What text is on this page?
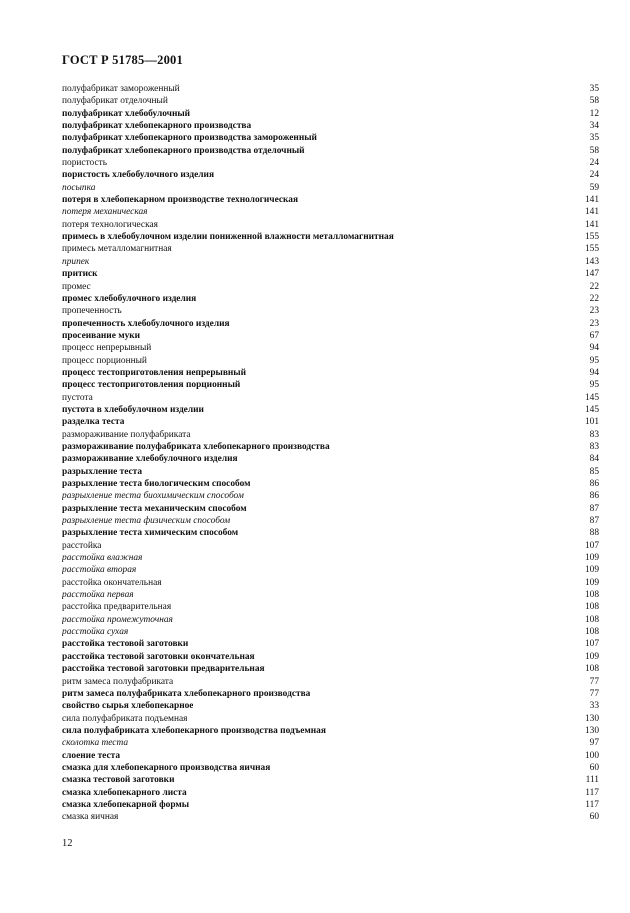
ГОСТ Р 51785—2001
полуфабрикат замороженный	35
полуфабрикат отделочный	58
полуфабрикат хлебобулочный	12
полуфабрикат хлебопекарного производства	34
полуфабрикат хлебопекарного производства замороженный	35
полуфабрикат хлебопекарного производства отделочный	58
пористость	24
пористость хлебобулочного изделия	24
посыпка	59
потеря в хлебопекарном производстве технологическая	141
потеря механическая	141
потеря технологическая	141
примесь в хлебобулочном изделии пониженной влажности металломагнитная	155
примесь металломагнитная	155
припек	143
притиск	147
промес	22
промес хлебобулочного изделия	22
пропеченность	23
пропеченность хлебобулочного изделия	23
просеивание муки	67
процесс непрерывный	94
процесс порционный	95
процесс тестоприготовления непрерывный	94
процесс тестоприготовления порционный	95
пустота	145
пустота в хлебобулочном изделии	145
разделка теста	101
размораживание полуфабриката	83
размораживание полуфабриката хлебопекарного производства	83
размораживание хлебобулочного изделия	84
разрыхление теста	85
разрыхление теста биологическим способом	86
разрыхление теста биохимическим способом	86
разрыхление теста механическим способом	87
разрыхление теста физическим способом	87
разрыхление теста химическим способом	88
расстойка	107
расстойка влажная	109
расстойка вторая	109
расстойка окончательная	109
расстойка первая	108
расстойка предварительная	108
расстойка промежуточная	108
расстойка сухая	108
расстойка тестовой заготовки	107
расстойка тестовой заготовки окончательная	109
расстойка тестовой заготовки предварительная	108
ритм замеса полуфабриката	77
ритм замеса полуфабриката хлебопекарного производства	77
свойство сырья хлебопекарное	33
сила полуфабриката подъемная	130
сила полуфабриката хлебопекарного производства подъемная	130
сколотка теста	97
слоение теста	100
смазка для хлебопекарного производства яичная	60
смазка тестовой заготовки	111
смазка хлебопекарного листа	117
смазка хлебопекарной формы	117
смазка яичная	60
12
